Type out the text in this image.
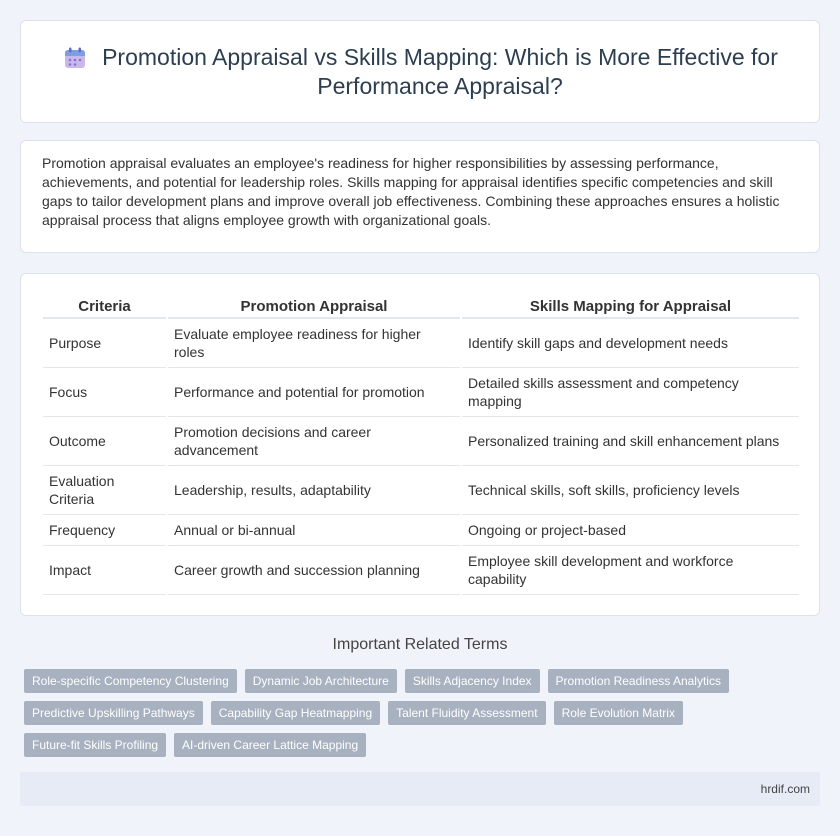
Promotion Appraisal vs Skills Mapping: Which is More Effective for Performance Appraisal?

Promotion appraisal evaluates an employee's readiness for higher responsibilities by assessing performance, achievements, and potential for leadership roles. Skills mapping for appraisal identifies specific competencies and skill gaps to tailor development plans and improve overall job effectiveness. Combining these approaches ensures a holistic appraisal process that aligns employee growth with organizational goals.

Criteria	Promotion Appraisal	Skills Mapping for Appraisal
Purpose	Evaluate employee readiness for higher roles	Identify skill gaps and development needs
Focus	Performance and potential for promotion	Detailed skills assessment and competency mapping
Outcome	Promotion decisions and career advancement	Personalized training and skill enhancement plans
Evaluation Criteria	Leadership, results, adaptability	Technical skills, soft skills, proficiency levels
Frequency	Annual or bi-annual	Ongoing or project-based
Impact	Career growth and succession planning	Employee skill development and workforce capability
Important Related Terms
Role-specific Competency Clustering	Dynamic Job Architecture	Skills Adjacency Index	Promotion Readiness Analytics
Predictive Upskilling Pathways	Capability Gap Heatmapping	Talent Fluidity Assessment	Role Evolution Matrix
Future-fit Skills Profiling	AI-driven Career Lattice Mapping
hrdif.com
